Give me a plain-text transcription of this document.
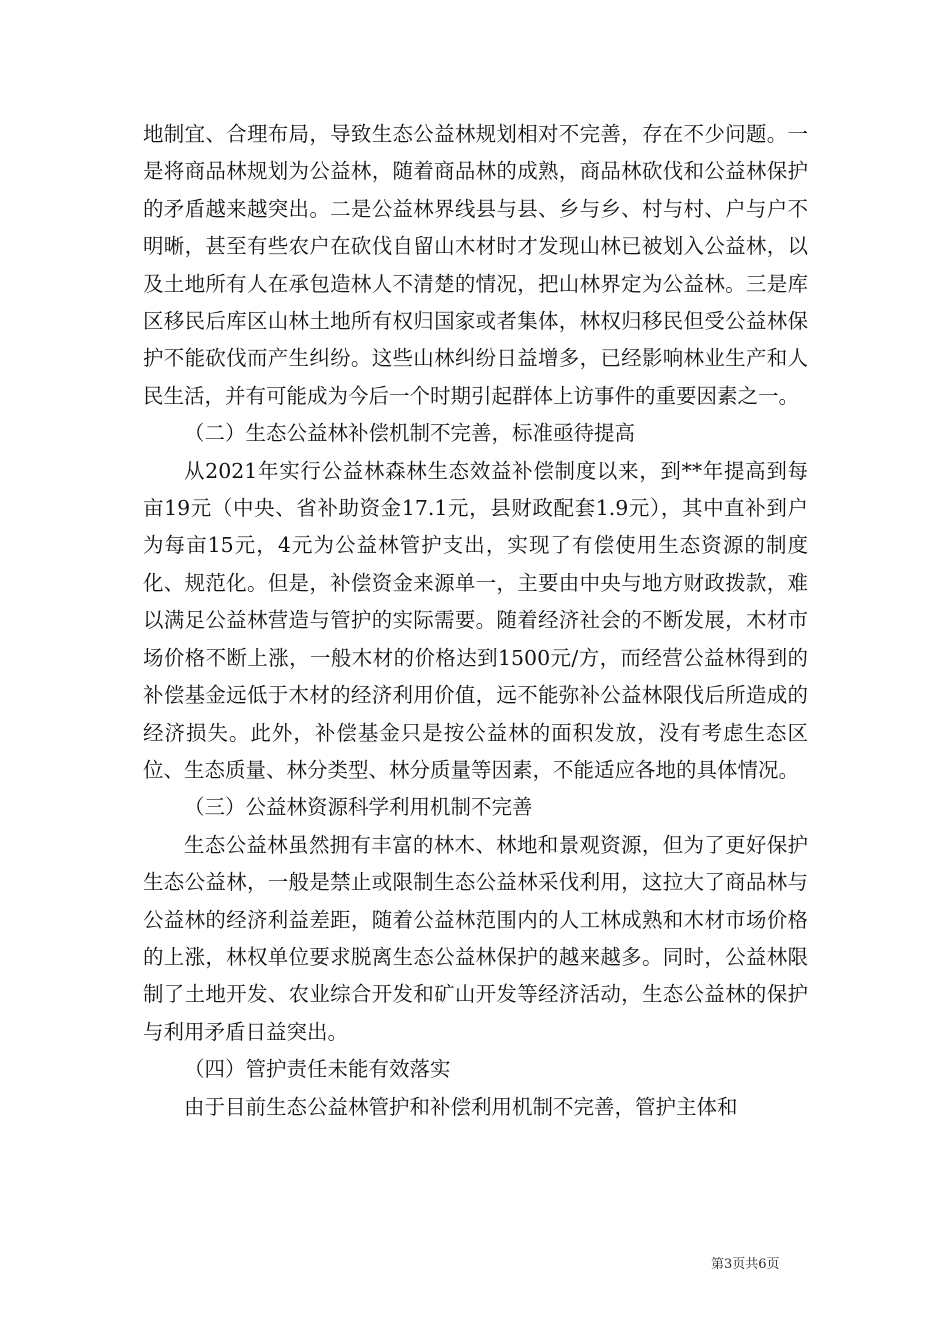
地制宜、合理布局，导致生态公益林规划相对不完善，存在不少问题。一是将商品林规划为公益林，随着商品林的成熟，商品林砍伐和公益林保护的矛盾越来越突出。二是公益林界线县与县、乡与乡、村与村、户与户不明晰，甚至有些农户在砍伐自留山木材时才发现山林已被划入公益林，以及土地所有人在承包造林人不清楚的情况，把山林界定为公益林。三是库区移民后库区山林土地所有权归国家或者集体，林权归移民但受公益林保护不能砍伐而产生纠纷。这些山林纠纷日益增多，已经影响林业生产和人民生活，并有可能成为今后一个时期引起群体上访事件的重要因素之一。

（二）生态公益林补偿机制不完善，标准亟待提高

从2021年实行公益林森林生态效益补偿制度以来，到**年提高到每亩19元（中央、省补助资金17.1元，县财政配套1.9元），其中直补到户为每亩15元，4元为公益林管护支出，实现了有偿使用生态资源的制度化、规范化。但是，补偿资金来源单一，主要由中央与地方财政拨款，难以满足公益林营造与管护的实际需要。随着经济社会的不断发展，木材市场价格不断上涨，一般木材的价格达到1500元/方，而经营公益林得到的补偿基金远低于木材的经济利用价值，远不能弥补公益林限伐后所造成的经济损失。此外，补偿基金只是按公益林的面积发放，没有考虑生态区位、生态质量、林分类型、林分质量等因素，不能适应各地的具体情况。

（三）公益林资源科学利用机制不完善

生态公益林虽然拥有丰富的林木、林地和景观资源，但为了更好保护生态公益林，一般是禁止或限制生态公益林采伐利用，这拉大了商品林与公益林的经济利益差距，随着公益林范围内的人工林成熟和木材市场价格的上涨，林权单位要求脱离生态公益林保护的越来越多。同时，公益林限制了土地开发、农业综合开发和矿山开发等经济活动，生态公益林的保护与利用矛盾日益突出。

（四）管护责任未能有效落实

由于目前生态公益林管护和补偿利用机制不完善，管护主体和

第3页共6页
